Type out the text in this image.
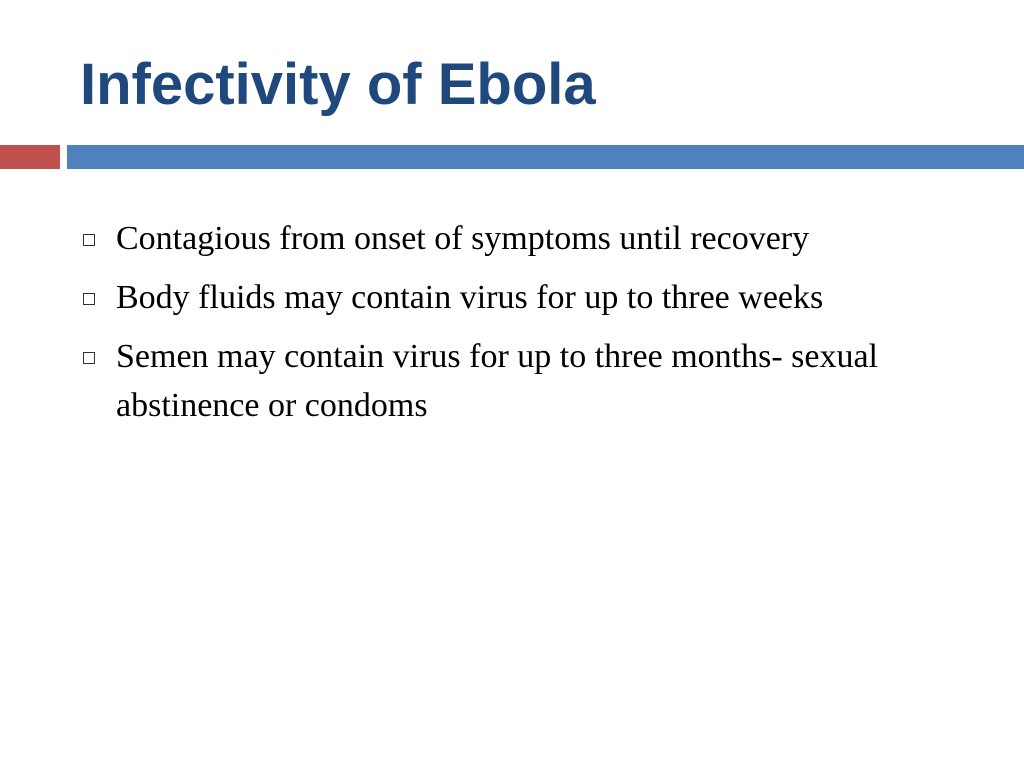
Infectivity of Ebola
Contagious from onset of symptoms until recovery
Body fluids may contain virus for up to three weeks
Semen may contain virus for up to three months- sexual abstinence or condoms
